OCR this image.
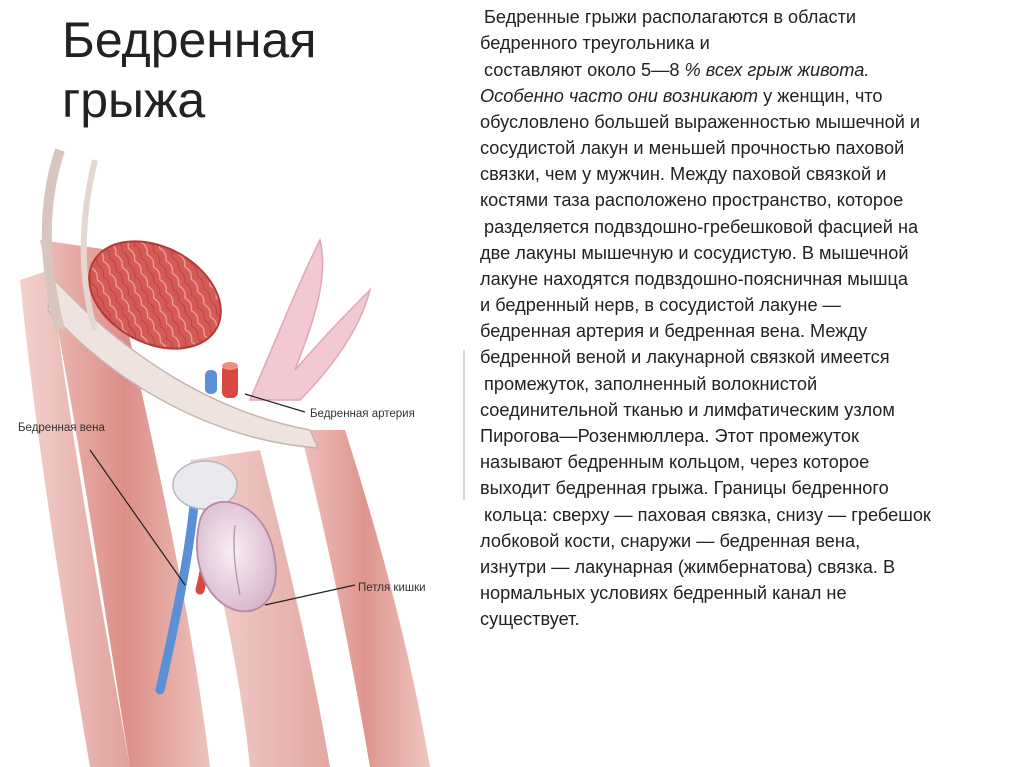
Бедренная
грыжа
Бедренная вена
Бедренная артерия
Петля кишки
Бедренные грыжи располагаются в области
бедренного треугольника и
составляют около 5—8 % всех грыж живота.
Особенно часто они возникают у женщин, что
обусловлено большей выраженностью мышечной и
сосудистой лакун и меньшей прочностью паховой
связки, чем у мужчин. Между паховой связкой и
костями таза расположено пространство, которое
разделяется подвздошно-гребешковой фасцией на
две лакуны мышечную и сосудистую. В мышечной
лакуне находятся подвздошно-поясничная мышца
и бедренный нерв, в сосудистой лакуне —
бедренная артерия и бедренная вена. Между
бедренной веной и лакунарной связкой имеется
промежуток, заполненный волокнистой
соединительной тканью и лимфатическим узлом
Пирогова—Розенмюллера. Этот промежуток
называют бедренным кольцом, через которое
выходит бедренная грыжа. Границы бедренного
кольца: сверху — паховая связка, снизу — гребешок
лобковой кости, снаружи — бедренная вена,
изнутри — лакунарная (жимбернатова) связка. В
нормальных условиях бедренный канал не
существует.
